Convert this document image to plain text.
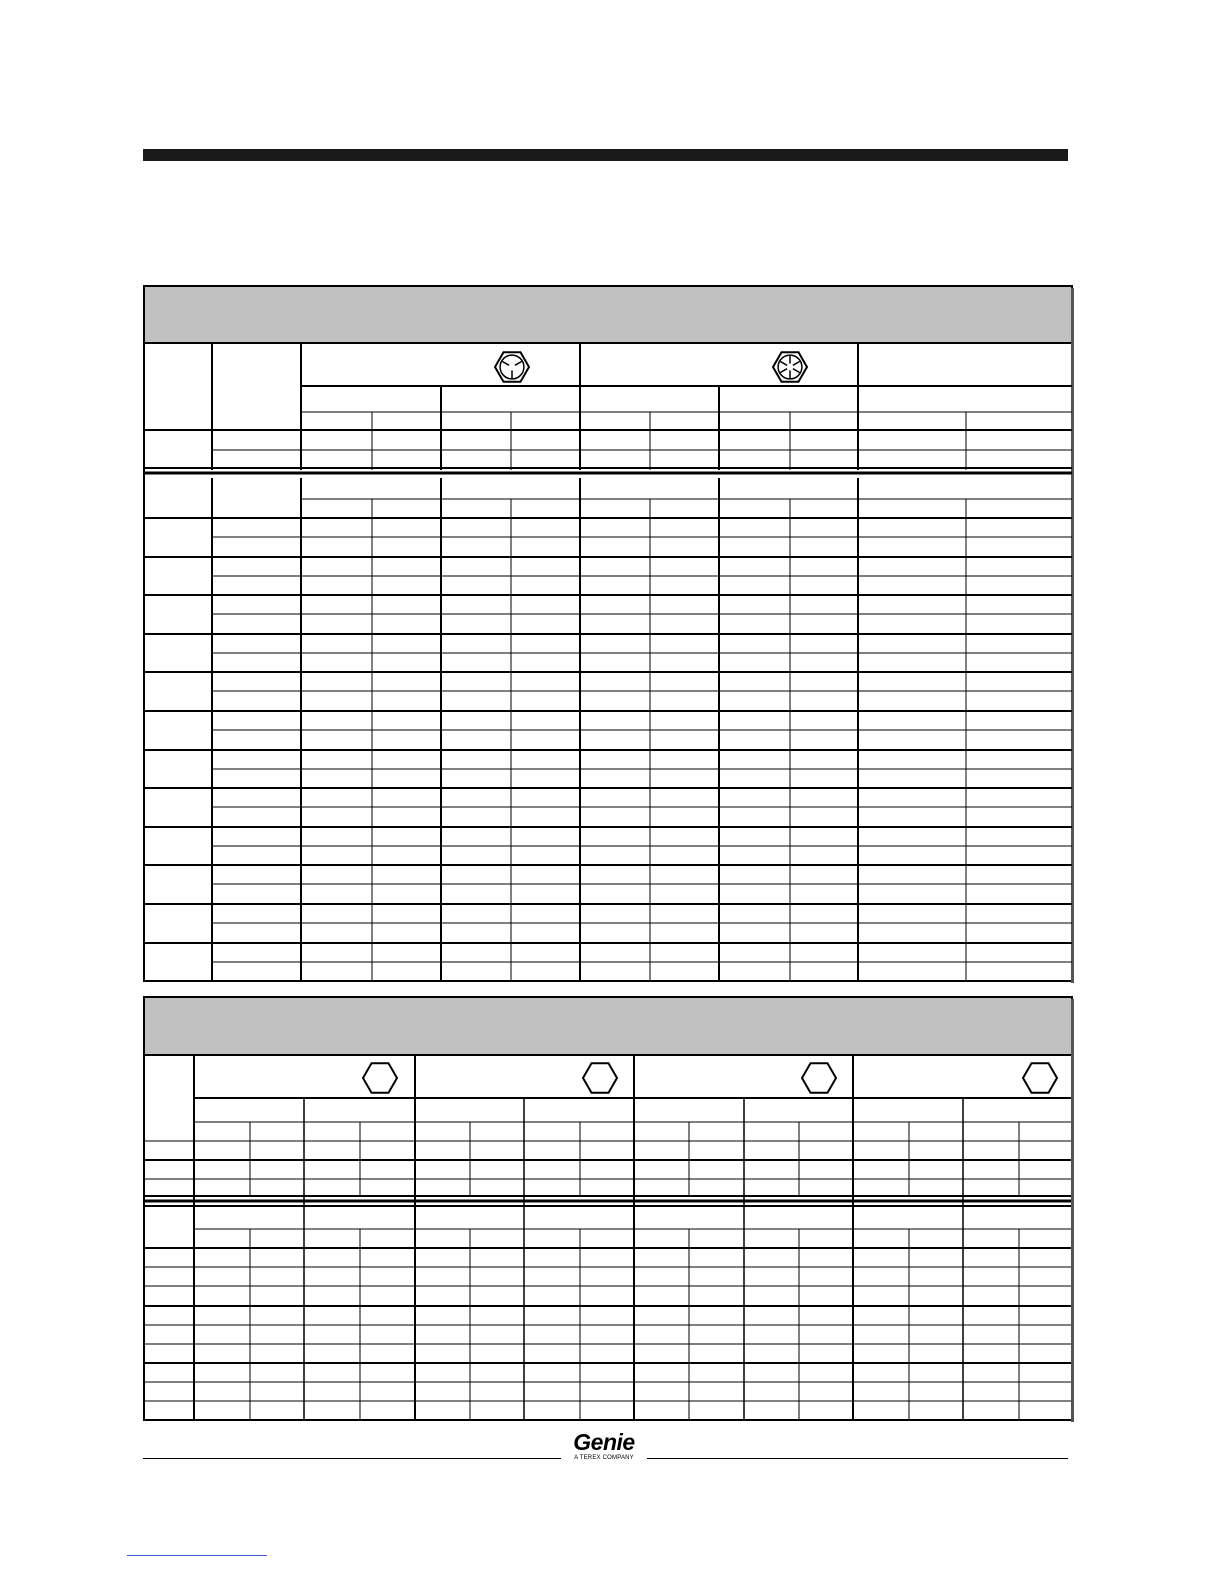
Genie
A TEREX COMPANY
